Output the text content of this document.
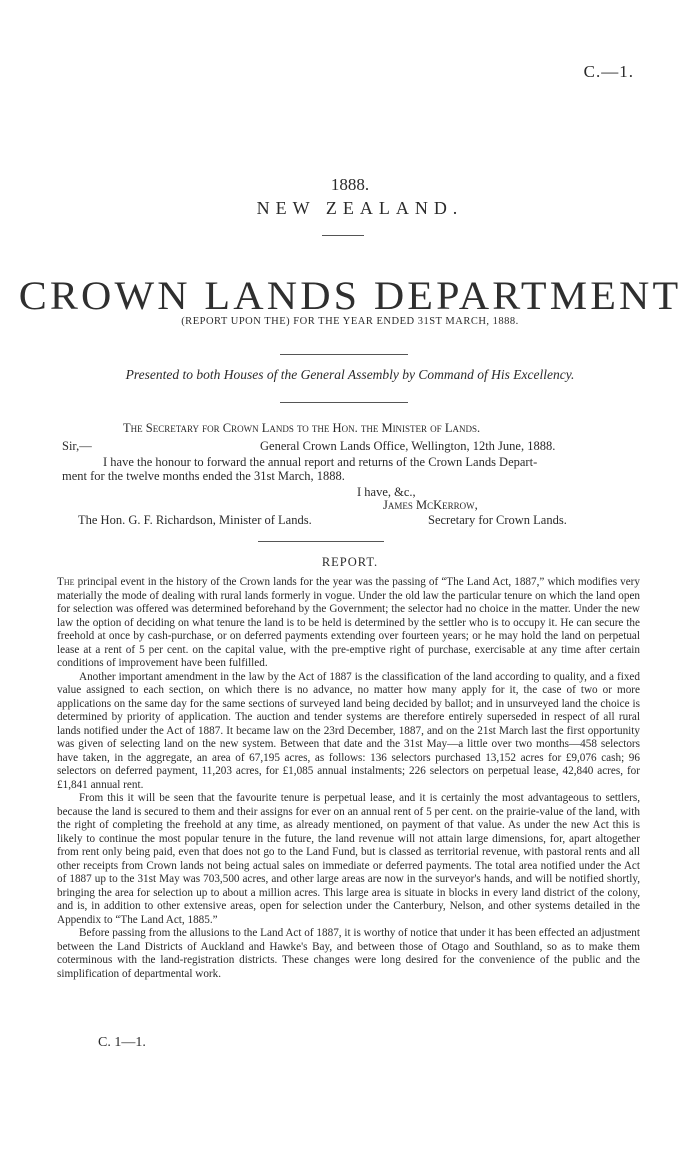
C.—1.
1888.
NEW ZEALAND.
CROWN LANDS DEPARTMENT
(REPORT UPON THE) FOR THE YEAR ENDED 31ST MARCH, 1888.
Presented to both Houses of the General Assembly by Command of His Excellency.
The Secretary for Crown Lands to the Hon. the Minister of Lands.
Sir,—	General Crown Lands Office, Wellington, 12th June, 1888.
I have the honour to forward the annual report and returns of the Crown Lands Depart-
ment for the twelve months ended the 31st March, 1888.
I have, &c.,
James McKerrow,
The Hon. G. F. Richardson, Minister of Lands.	Secretary for Crown Lands.
REPORT.

The principal event in the history of the Crown lands for the year was the passing of “The Land Act, 1887,” which modifies very materially the mode of dealing with rural lands formerly in vogue. Under the old law the particular tenure on which the land open for selection was offered was determined beforehand by the Government; the selector had no choice in the matter. Under the new law the option of deciding on what tenure the land is to be held is determined by the settler who is to occupy it. He can secure the freehold at once by cash-purchase, or on deferred payments extending over fourteen years; or he may hold the land on perpetual lease at a rent of 5 per cent. on the capital value, with the pre-emptive right of purchase, exercisable at any time after certain conditions of improvement have been fulfilled.

Another important amendment in the law by the Act of 1887 is the classification of the land according to quality, and a fixed value assigned to each section, on which there is no advance, no matter how many apply for it, the case of two or more applications on the same day for the same sections of surveyed land being decided by ballot; and in unsurveyed land the choice is determined by priority of application. The auction and tender systems are therefore entirely superseded in respect of all rural lands notified under the Act of 1887. It became law on the 23rd December, 1887, and on the 21st March last the first opportunity was given of selecting land on the new system. Between that date and the 31st May—a little over two months—458 selectors have taken, in the aggregate, an area of 67,195 acres, as follows: 136 selectors purchased 13,152 acres for £9,076 cash; 96 selectors on deferred payment, 11,203 acres, for £1,085 annual instalments; 226 selectors on perpetual lease, 42,840 acres, for £1,841 annual rent.

From this it will be seen that the favourite tenure is perpetual lease, and it is certainly the most advantageous to settlers, because the land is secured to them and their assigns for ever on an annual rent of 5 per cent. on the prairie-value of the land, with the right of completing the freehold at any time, as already mentioned, on payment of that value. As under the new Act this is likely to continue the most popular tenure in the future, the land revenue will not attain large dimensions, for, apart altogether from rent only being paid, even that does not go to the Land Fund, but is classed as territorial revenue, with pastoral rents and all other receipts from Crown lands not being actual sales on immediate or deferred payments. The total area notified under the Act of 1887 up to the 31st May was 703,500 acres, and other large areas are now in the surveyor's hands, and will be notified shortly, bringing the area for selection up to about a million acres. This large area is situate in blocks in every land district of the colony, and is, in addition to other extensive areas, open for selection under the Canterbury, Nelson, and other systems detailed in the Appendix to “The Land Act, 1885.”

Before passing from the allusions to the Land Act of 1887, it is worthy of notice that under it has been effected an adjustment between the Land Districts of Auckland and Hawke's Bay, and between those of Otago and Southland, so as to make them coterminous with the land-registration districts. These changes were long desired for the convenience of the public and the simplification of departmental work.

C. 1—1.
